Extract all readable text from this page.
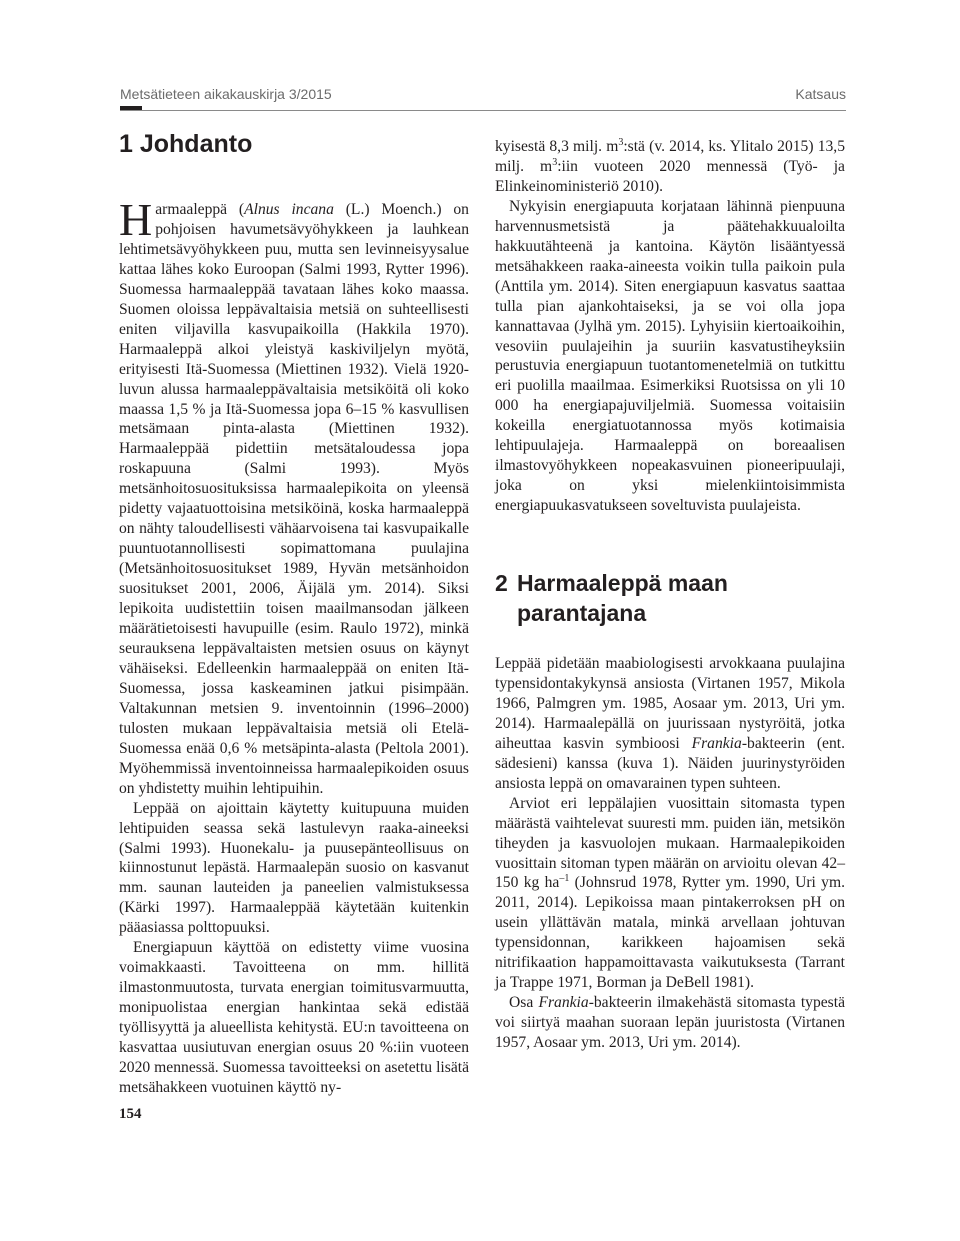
Metsätieteen aikakauskirja 3/2015	Katsaus
1 Johdanto

Harmaaleppä (Alnus incana (L.) Moench.) on pohjoisen havumetsävyöhykkeen ja lauhkean lehtimetsävyöhykkeen puu, mutta sen levinneisyysalue kattaa lähes koko Euroopan (Salmi 1993, Rytter 1996). Suomessa harmaaleppää tavataan lähes koko maassa. Suomen oloissa leppävaltaisia metsiä on suhteellisesti eniten viljavilla kasvupaikoilla (Hakkila 1970). Harmaaleppä alkoi yleistyä kaskiviljelyn myötä, erityisesti Itä-Suomessa (Miettinen 1932). Vielä 1920-luvun alussa harmaaleppävaltaisia metsiköitä oli koko maassa 1,5 % ja Itä-Suomessa jopa 6–15 % kasvullisen metsämaan pinta-alasta (Miettinen 1932). Harmaaleppää pidettiin metsätaloudessa jopa roskapuuna (Salmi 1993). Myös metsänhoitosuosituksissa harmaalepikoita on yleensä pidetty vajaatuottoisina metsiköinä, koska harmaaleppä on nähty taloudellisesti vähäarvoisena tai kasvupaikalle puuntuotannollisesti sopimattomana puulajina (Metsänhoitosuositukset 1989, Hyvän metsänhoidon suositukset 2001, 2006, Äijälä ym. 2014). Siksi lepikoita uudistettiin toisen maailmansodan jälkeen määrätietoisesti havupuille (esim. Raulo 1972), minkä seurauksena leppävaltaisten metsien osuus on käynyt vähäiseksi. Edelleenkin harmaaleppää on eniten Itä-Suomessa, jossa kaskeaminen jatkui pisimpään. Valtakunnan metsien 9. inventoinnin (1996–2000) tulosten mukaan leppävaltaisia metsiä oli Etelä-Suomessa enää 0,6 % metsäpinta-alasta (Peltola 2001). Myöhemmissä inventoinneissa harmaalepikoiden osuus on yhdistetty muihin lehtipuihin.

Leppää on ajoittain käytetty kuitupuuna muiden lehtipuiden seassa sekä lastulevyn raaka-aineeksi (Salmi 1993). Huonekalu- ja puusepänteollisuus on kiinnostunut lepästä. Harmaalepän suosio on kasvanut mm. saunan lauteiden ja paneelien valmistuksessa (Kärki 1997). Harmaaleppää käytetään kuitenkin pääasiassa polttopuuksi.

Energiapuun käyttöä on edistetty viime vuosina voimakkaasti. Tavoitteena on mm. hillitä ilmastonmuutosta, turvata energian toimitusvarmuutta, monipuolistaa energian hankintaa sekä edistää työllisyyttä ja alueellista kehitystä. EU:n tavoitteena on kasvattaa uusiutuvan energian osuus 20 %:iin vuoteen 2020 mennessä. Suomessa tavoitteeksi on asetettu lisätä metsähakkeen vuotuinen käyttö ny-

kyisestä 8,3 milj. $m^3:stä$ (v. 2014, ks. Ylitalo 2015) 13,5 milj. $m^3:iin$ vuoteen 2020 mennessä (Työ- ja Elinkeinoministeriö 2010).

Nykyisin energiapuuta korjataan lähinnä pienpuuna harvennusmetsistä ja päätehakkuualoilta hakkuutähteenä ja kantoina. Käytön lisääntyessä metsähakkeen raaka-aineesta voikin tulla paikoin pula (Anttila ym. 2014). Siten energiapuun kasvatus saattaa tulla pian ajankohtaiseksi, ja se voi olla jopa kannattavaa (Jylhä ym. 2015). Lyhyisiin kiertoaikoihin, vesoviin puulajeihin ja suuriin kasvatustiheyksiin perustuvia energiapuun tuotantomenetelmiä on tutkittu eri puolilla maailmaa. Esimerkiksi Ruotsissa on yli 10 000 ha energiapajuviljelmiä. Suomessa voitaisiin kokeilla energiatuotannossa myös kotimaisia lehtipuulajeja. Harmaaleppä on boreaalisen ilmastovyöhykkeen nopeakasvuinen pioneeripuulaji, joka on yksi mielenkiintoisimmista energiapuukasvatukseen soveltuvista puulajeista.

2 Harmaaleppä maan
parantajana

Leppää pidetään maabiologisesti arvokkaana puulajina typensidontakykynsä ansiosta (Virtanen 1957, Mikola 1966, Palmgren ym. 1985, Aosaar ym. 2013, Uri ym. 2014). Harmaalepällä on juurissaan nystyröitä, jotka aiheuttaa kasvin symbioosi Frankia-bakteerin (ent. sädesieni) kanssa (kuva 1). Näiden juurinystyröiden ansiosta leppä on omavarainen typen suhteen.

Arviot eri leppälajien vuosittain sitomasta typen määrästä vaihtelevat suuresti mm. puiden iän, metsikön tiheyden ja kasvuolojen mukaan. Harmaalepikoiden vuosittain sitoman typen määrän on arvioitu olevan 42–150 kg $ha^{-1}$ (Johnsrud 1978, Rytter ym. 1990, Uri ym. 2011, 2014). Lepikoissa maan pintakerroksen pH on usein yllättävän matala, minkä arvellaan johtuvan typensidonnan, karikkeen hajoamisen sekä nitrifikaation happamoittavasta vaikutuksesta (Tarrant ja Trappe 1971, Borman ja DeBell 1981).

Osa Frankia-bakteerin ilmakehästä sitomasta typestä voi siirtyä maahan suoraan lepän juuristosta (Virtanen 1957, Aosaar ym. 2013, Uri ym. 2014).

154
